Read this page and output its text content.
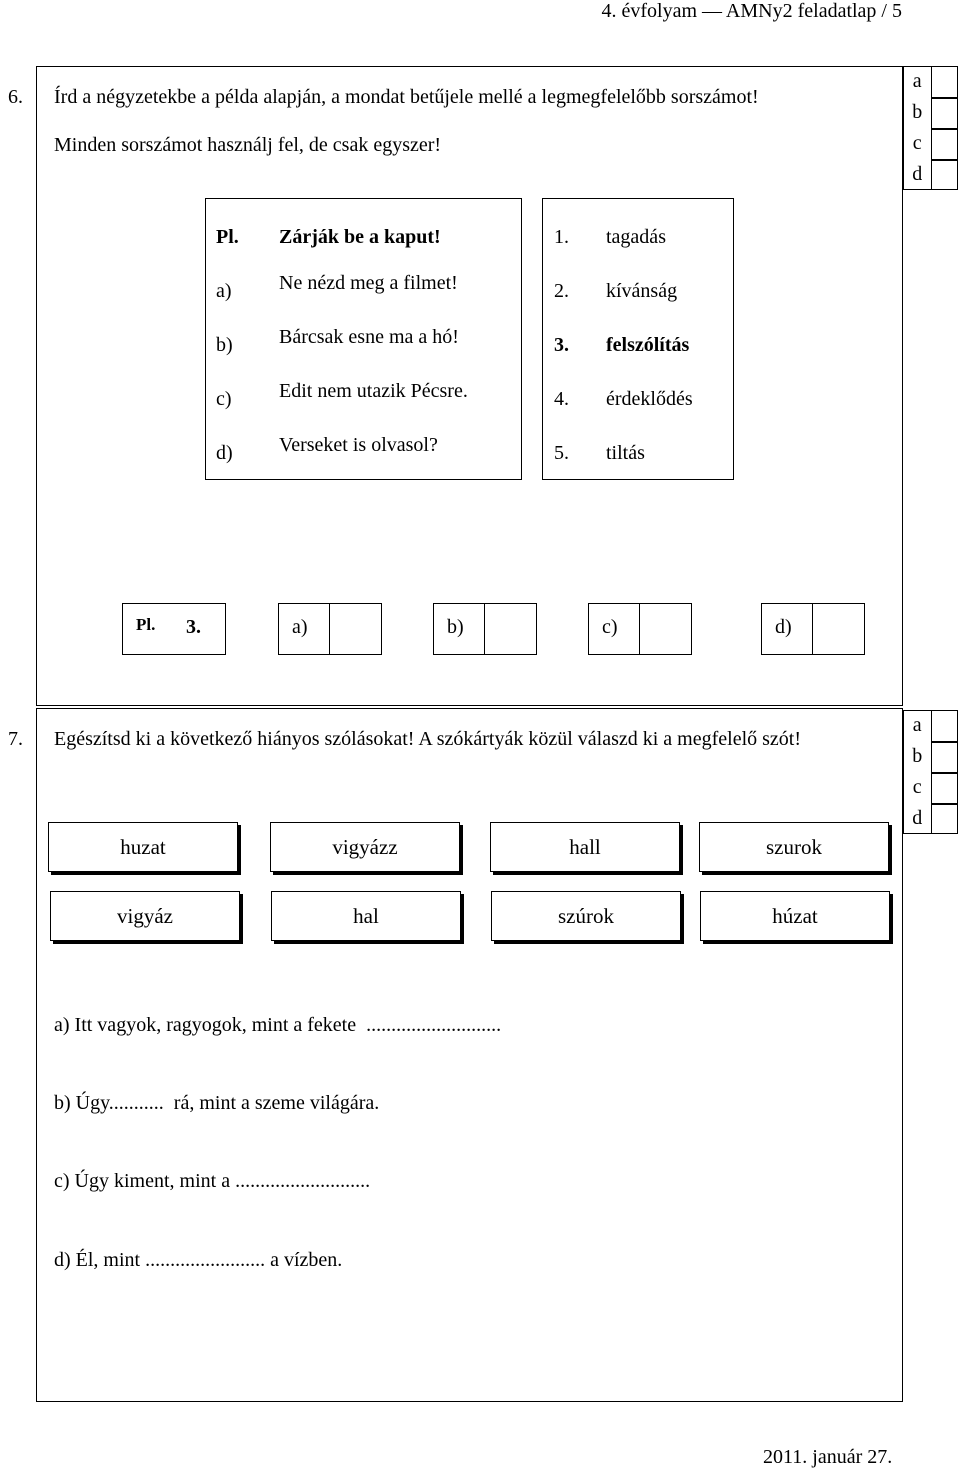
4. évfolyam — AMNy2 feladatlap / 5
6. Írd a négyzetekbe a példa alapján, a mondat betűjele mellé a legmegfelelőbb sorszámot!
Minden sorszámot használj fel, de csak egyszer!
a
b
c
d
Pl. Zárják be a kaput!
a) Ne nézd meg a filmet!
b) Bárcsak esne ma a hó!
c) Edit nem utazik Pécsre.
d) Verseket is olvasol?
1. tagadás
2. kívánság
3. felszólítás
4. érdeklődés
5. tiltás
Pl. 3.	a)	b)	c)	d)
7. Egészítsd ki a következő hiányos szólásokat! A szókártyák közül válaszd ki a megfelelő szót!
a
b
c
d
huzat	vigyázz	hall	szurok
vigyáz	hal	szúrok	húzat
a) Itt vagyok, ragyogok, mint a fekete  ...........................
b) Úgy...........  rá, mint a szeme világára.
c) Úgy kiment, mint a ...........................
d) Él, mint ........................ a vízben.
2011. január 27.
